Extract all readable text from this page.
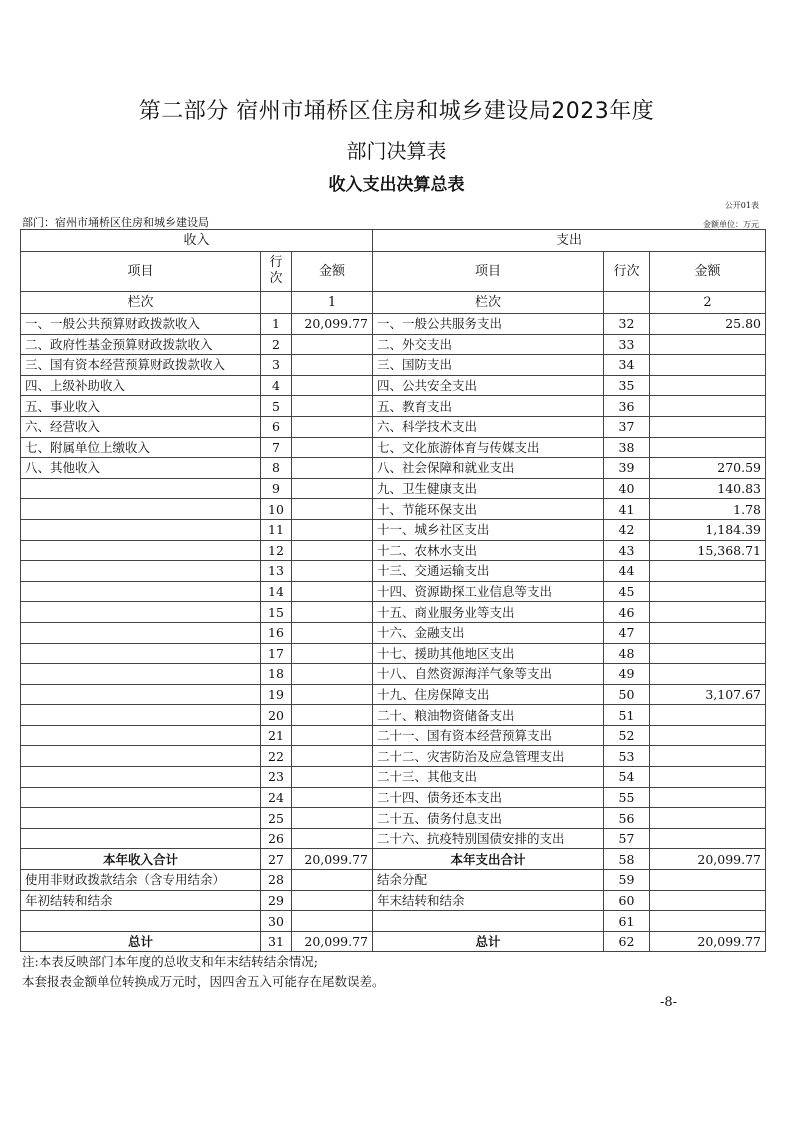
第二部分 宿州市埇桥区住房和城乡建设局2023年度
部门决算表
收入支出决算总表
公开01表
部门：宿州市埇桥区住房和城乡建设局	金额单位：万元
收入			支出		
项目	行次	金额	项目	行次	金额
栏次		1	栏次		2
一、一般公共预算财政拨款收入	1	20,099.77	一、一般公共服务支出	32	25.80
二、政府性基金预算财政拨款收入	2		二、外交支出	33	
三、国有资本经营预算财政拨款收入	3		三、国防支出	34	
四、上级补助收入	4		四、公共安全支出	35	
五、事业收入	5		五、教育支出	36	
六、经营收入	6		六、科学技术支出	37	
七、附属单位上缴收入	7		七、文化旅游体育与传媒支出	38	
八、其他收入	8		八、社会保障和就业支出	39	270.59
	9		九、卫生健康支出	40	140.83
	10		十、节能环保支出	41	1.78
	11		十一、城乡社区支出	42	1,184.39
	12		十二、农林水支出	43	15,368.71
	13		十三、交通运输支出	44	
	14		十四、资源勘探工业信息等支出	45	
	15		十五、商业服务业等支出	46	
	16		十六、金融支出	47	
	17		十七、援助其他地区支出	48	
	18		十八、自然资源海洋气象等支出	49	
	19		十九、住房保障支出	50	3,107.67
	20		二十、粮油物资储备支出	51	
	21		二十一、国有资本经营预算支出	52	
	22		二十二、灾害防治及应急管理支出	53	
	23		二十三、其他支出	54	
	24		二十四、债务还本支出	55	
	25		二十五、债务付息支出	56	
	26		二十六、抗疫特别国债安排的支出	57	
本年收入合计	27	20,099.77	本年支出合计	58	20,099.77
使用非财政拨款结余（含专用结余）	28		结余分配	59	
年初结转和结余	29		年末结转和结余	60	
	30			61	
总计	31	20,099.77	总计	62	20,099.77
注:本表反映部门本年度的总收支和年末结转结余情况;
本套报表金额单位转换成万元时，因四舍五入可能存在尾数误差。
-8-
